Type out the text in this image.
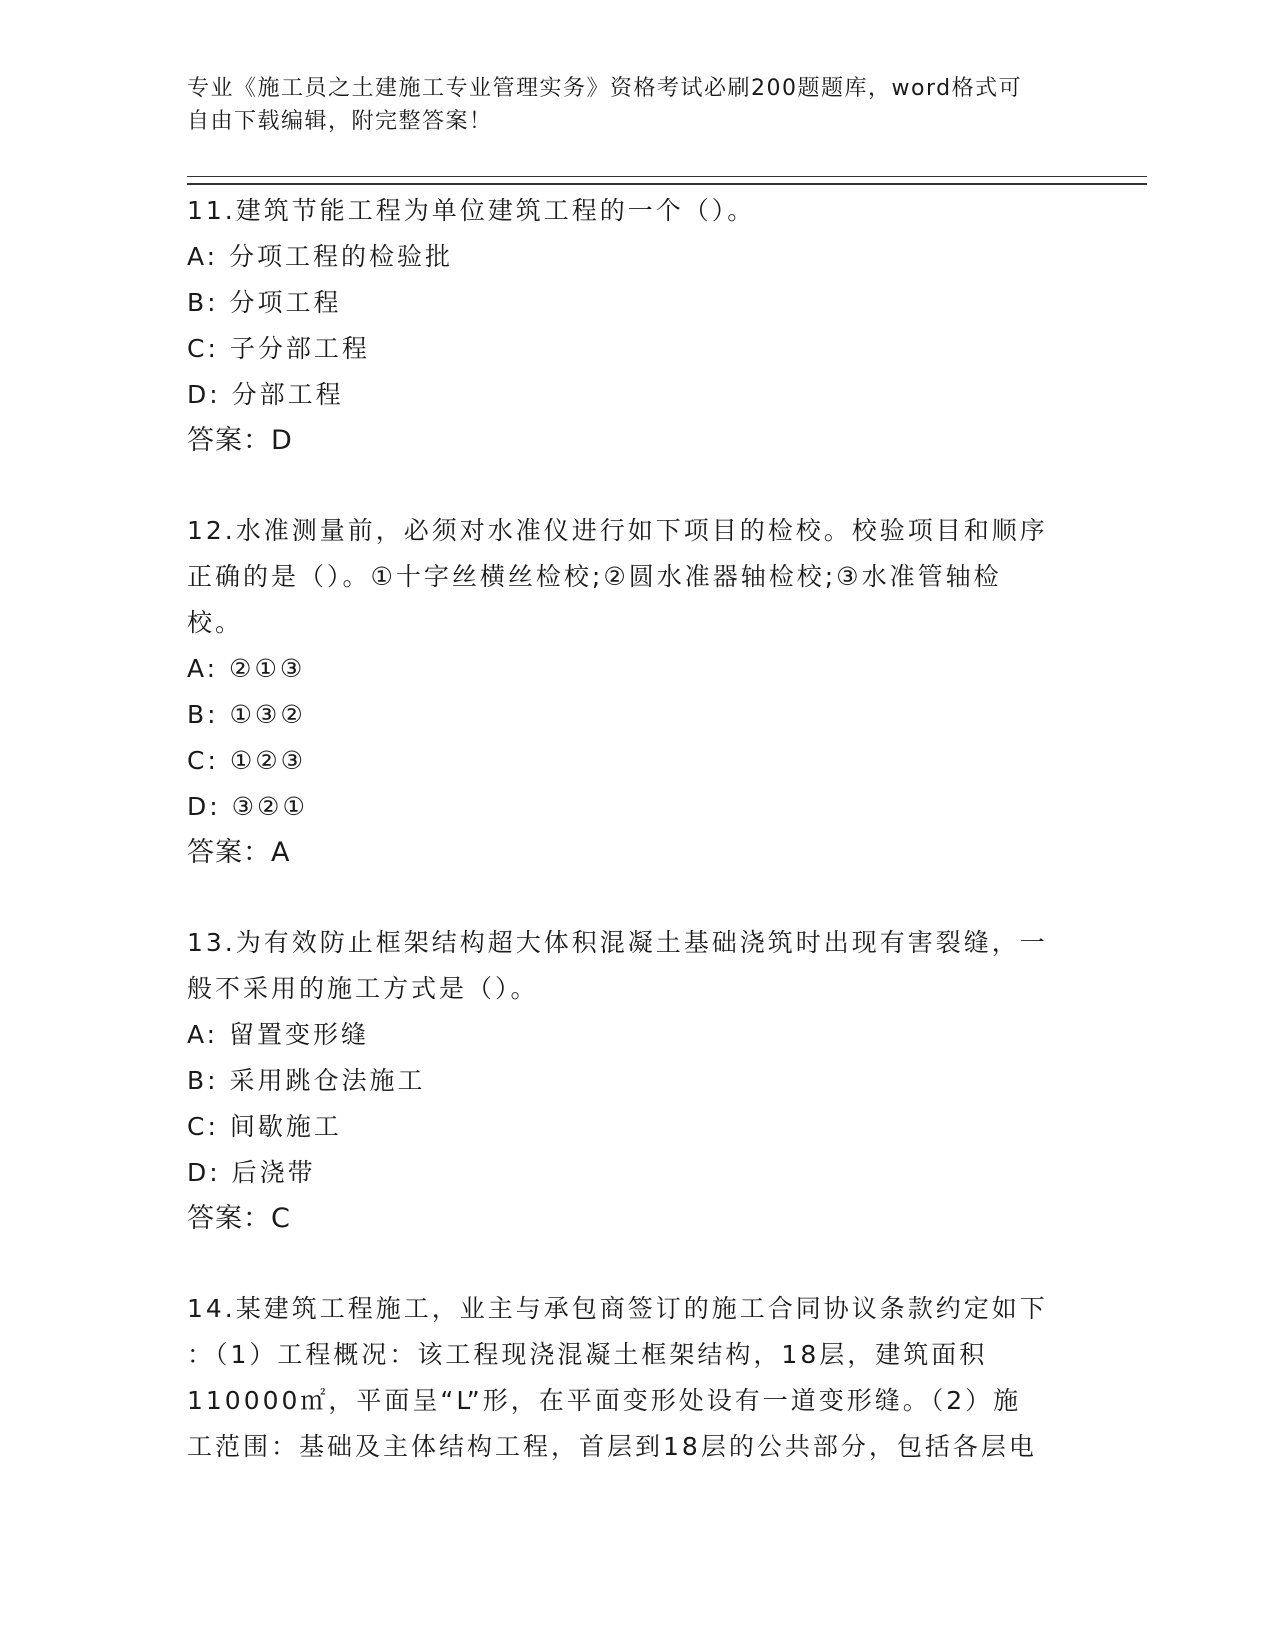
专业《施工员之土建施工专业管理实务》资格考试必刷200题题库，word格式可
自由下载编辑，附完整答案！

11.建筑节能工程为单位建筑工程的一个（）。

A: 分项工程的检验批

B: 分项工程

C: 子分部工程

D: 分部工程

答案：D

12.水准测量前，必须对水准仪进行如下项目的检校。校验项目和顺序

正确的是（）。①十字丝横丝检校;②圆水准器轴检校;③水准管轴检

校。

A: ②①③

B: ①③②

C: ①②③

D: ③②①

答案：A

13.为有效防止框架结构超大体积混凝土基础浇筑时出现有害裂缝，一

般不采用的施工方式是（）。

A: 留置变形缝

B: 采用跳仓法施工

C: 间歇施工

D: 后浇带

答案：C

14.某建筑工程施工，业主与承包商签订的施工合同协议条款约定如下

：（1）工程概况：该工程现浇混凝土框架结构，18层，建筑面积

110000㎡，平面呈“L”形，在平面变形处设有一道变形缝。（2）施

工范围：基础及主体结构工程，首层到18层的公共部分，包括各层电
